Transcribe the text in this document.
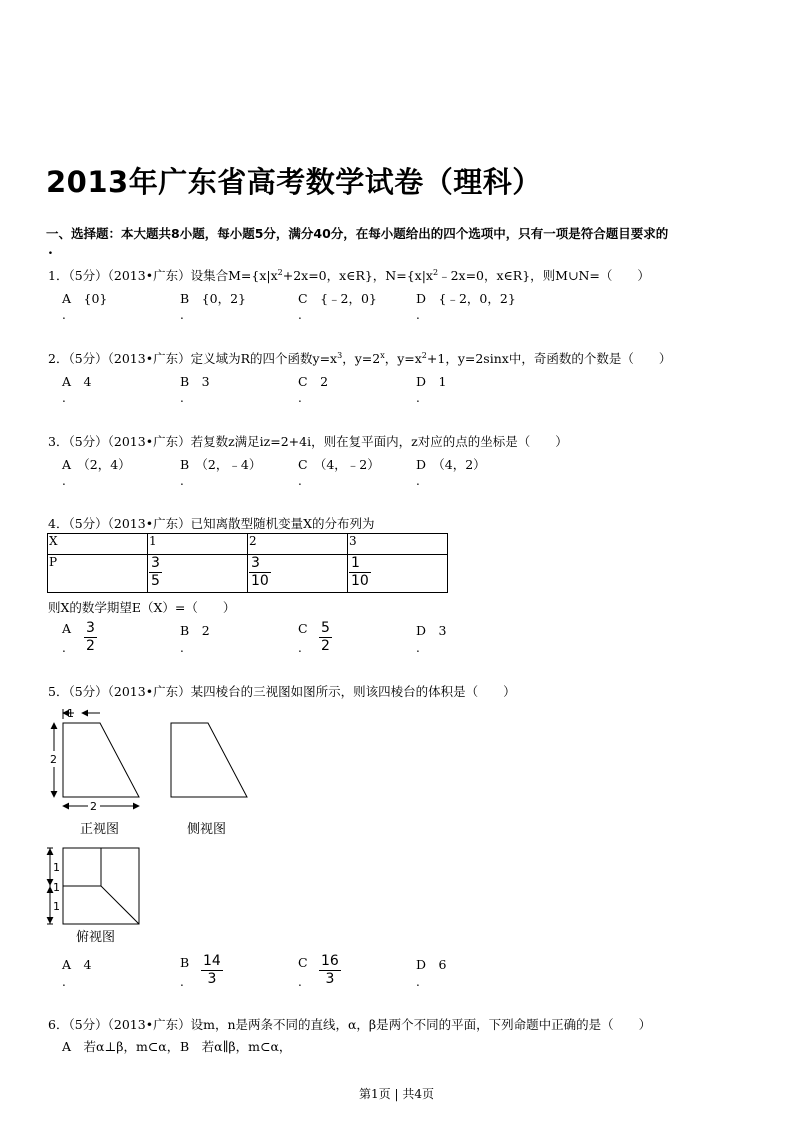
2013年广东省高考数学试卷（理科）
一、选择题：本大题共8小题，每小题5分，满分40分，在每小题给出的四个选项中，只有一项是符合题目要求的
.
1．（5分）（2013•广东）设集合$M=\{x|x^2+2x=0$，x∈R}，$N=\{x|x^2﹣2x=0$，x∈R}，则M∪N=（　　）
A　{0}	B　{0，2}	C　{﹣2，0}	D　{﹣2，0，2}
.	.	.	.
2．（5分）（2013•广东）定义域为R的四个函数$y=x^3$，$y=2^x$，$y=x^2+1$，y=2sinx中，奇函数的个数是（　　）
A　4	B　3	C　2	D　1
.	.	.	.
3．（5分）（2013•广东）若复数z满足iz=2+4i，则在复平面内，z对应的点的坐标是（　　）
A　（2，4）	B　（2，﹣4）	C　（4，﹣2）	D　（4，2）
.	.	.	.
4．（5分）（2013•广东）已知离散型随机变量X的分布列为
X	1	2	3
P	$\frac{3}{5}$	$\frac{3}{10}$	$\frac{1}{10}$
则X的数学期望E（X）=（　　）
A $\frac{3}{2}$	B　 2	C $\frac{5}{2}$	D　 3
.	.	.	.
5．（5分）（2013•广东）某四棱台的三视图如图所示，则该四棱台的体积是（　　）
1
2
2
正视图	侧视图
1
1
1
俯视图
A　 4	B $\frac{14}{3}$	C $\frac{16}{3}$	D　 6
.	.	.	.
6．（5分）（2013•广东）设m，n是两条不同的直线，α，β是两个不同的平面，下列命题中正确的是（　　）
A　若α⊥β，m⊂α， B　若α∥β，m⊂α，
第1页 | 共4页
